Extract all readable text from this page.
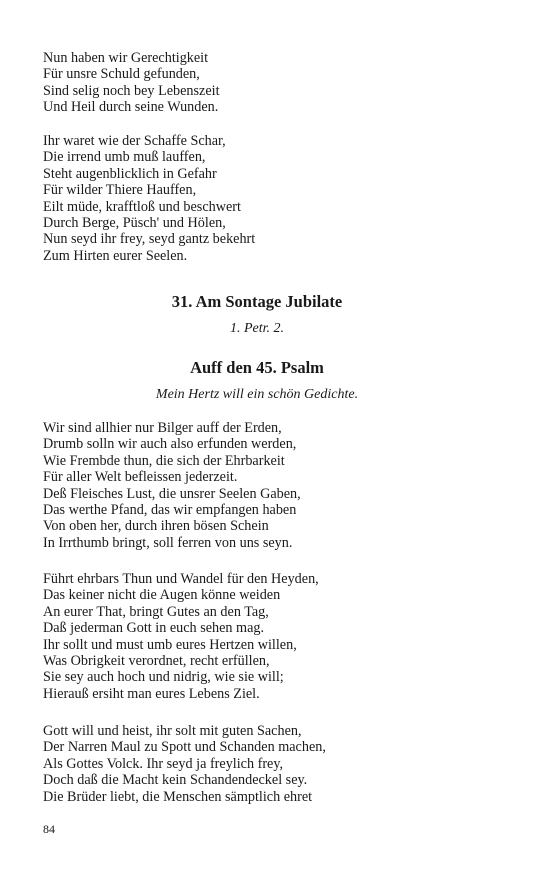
Nun haben wir Gerechtigkeit
Für unsre Schuld gefunden,
Sind selig noch bey Lebenszeit
Und Heil durch seine Wunden.
Ihr waret wie der Schaffe Schar,
Die irrend umb muß lauffen,
Steht augenblicklich in Gefahr
Für wilder Thiere Hauffen,
Eilt müde, krafftloß und beschwert
Durch Berge, Püsch' und Hölen,
Nun seyd ihr frey, seyd gantz bekehrt
Zum Hirten eurer Seelen.
31. Am Sontage Jubilate
1. Petr. 2.
Auff den 45. Psalm
Mein Hertz will ein schön Gedichte.
Wir sind allhier nur Bilger auff der Erden,
Drumb solln wir auch also erfunden werden,
Wie Frembde thun, die sich der Ehrbarkeit
Für aller Welt befleissen jederzeit.
Deß Fleisches Lust, die unsrer Seelen Gaben,
Das werthe Pfand, das wir empfangen haben
Von oben her, durch ihren bösen Schein
In Irrthumb bringt, soll ferren von uns seyn.
Führt ehrbars Thun und Wandel für den Heyden,
Das keiner nicht die Augen könne weiden
An eurer That, bringt Gutes an den Tag,
Daß jederman Gott in euch sehen mag.
Ihr sollt und must umb eures Hertzen willen,
Was Obrigkeit verordnet, recht erfüllen,
Sie sey auch hoch und nidrig, wie sie will;
Hierauß ersiht man eures Lebens Ziel.
Gott will und heist, ihr solt mit guten Sachen,
Der Narren Maul zu Spott und Schanden machen,
Als Gottes Volck. Ihr seyd ja freylich frey,
Doch daß die Macht kein Schandendeckel sey.
Die Brüder liebt, die Menschen sämptlich ehret
84
